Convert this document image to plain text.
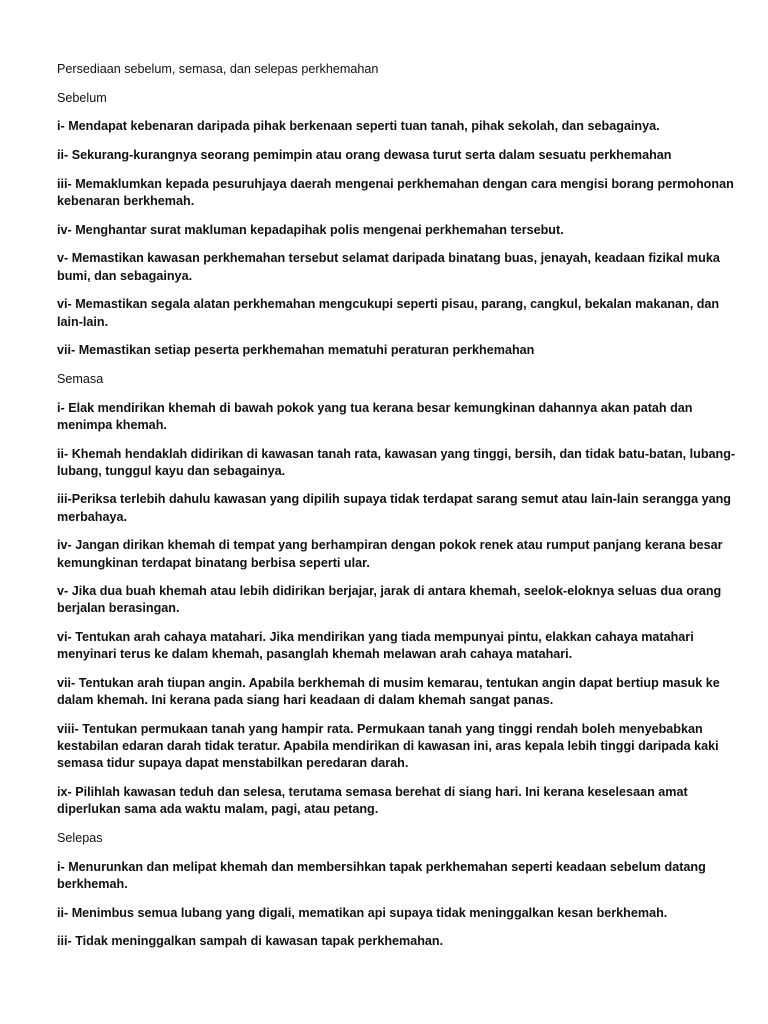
Persediaan sebelum, semasa, dan selepas perkhemahan

Sebelum

i- Mendapat kebenaran daripada pihak berkenaan seperti tuan tanah, pihak sekolah, dan sebagainya.

ii- Sekurang-kurangnya seorang pemimpin atau orang dewasa turut serta dalam sesuatu perkhemahan

iii- Memaklumkan kepada pesuruhjaya daerah mengenai perkhemahan dengan cara mengisi borang permohonan kebenaran berkhemah.

iv- Menghantar surat makluman kepadapihak polis mengenai perkhemahan tersebut.

v- Memastikan kawasan perkhemahan tersebut selamat daripada binatang buas, jenayah, keadaan fizikal muka bumi, dan sebagainya.

vi- Memastikan segala alatan perkhemahan mengcukupi seperti pisau, parang, cangkul, bekalan makanan, dan lain-lain.

vii- Memastikan setiap peserta perkhemahan mematuhi peraturan perkhemahan

Semasa

i- Elak mendirikan khemah di bawah pokok yang tua kerana besar kemungkinan dahannya akan patah dan menimpa khemah.

ii- Khemah hendaklah didirikan di kawasan tanah rata, kawasan yang tinggi, bersih, dan tidak batu-batan, lubang-lubang, tunggul kayu dan sebagainya.

iii-Periksa terlebih dahulu kawasan yang dipilih supaya tidak terdapat sarang semut atau lain-lain serangga yang merbahaya.

iv- Jangan dirikan khemah di tempat yang berhampiran dengan pokok renek atau rumput panjang kerana besar kemungkinan terdapat binatang berbisa seperti ular.

v- Jika dua buah khemah atau lebih didirikan berjajar, jarak di antara khemah, seelok-eloknya seluas dua orang berjalan berasingan.

vi- Tentukan arah cahaya matahari. Jika mendirikan yang tiada mempunyai pintu, elakkan cahaya matahari menyinari terus ke dalam khemah, pasanglah khemah melawan arah cahaya matahari.

vii- Tentukan arah tiupan angin. Apabila berkhemah di musim kemarau, tentukan angin dapat bertiup masuk ke dalam khemah. Ini kerana pada siang hari keadaan di dalam khemah sangat panas.

viii- Tentukan permukaan tanah yang hampir rata. Permukaan tanah yang tinggi rendah boleh menyebabkan kestabilan edaran darah tidak teratur. Apabila mendirikan di kawasan ini, aras kepala lebih tinggi daripada kaki semasa tidur supaya dapat menstabilkan peredaran darah.

ix- Pilihlah kawasan teduh dan selesa, terutama semasa berehat di siang hari. Ini kerana keselesaan amat diperlukan sama ada waktu malam, pagi, atau petang.

Selepas

i- Menurunkan dan melipat khemah dan membersihkan tapak perkhemahan seperti keadaan sebelum datang berkhemah.

ii- Menimbus semua lubang yang digali, mematikan api supaya tidak meninggalkan kesan berkhemah.

iii- Tidak meninggalkan sampah di kawasan tapak perkhemahan.
